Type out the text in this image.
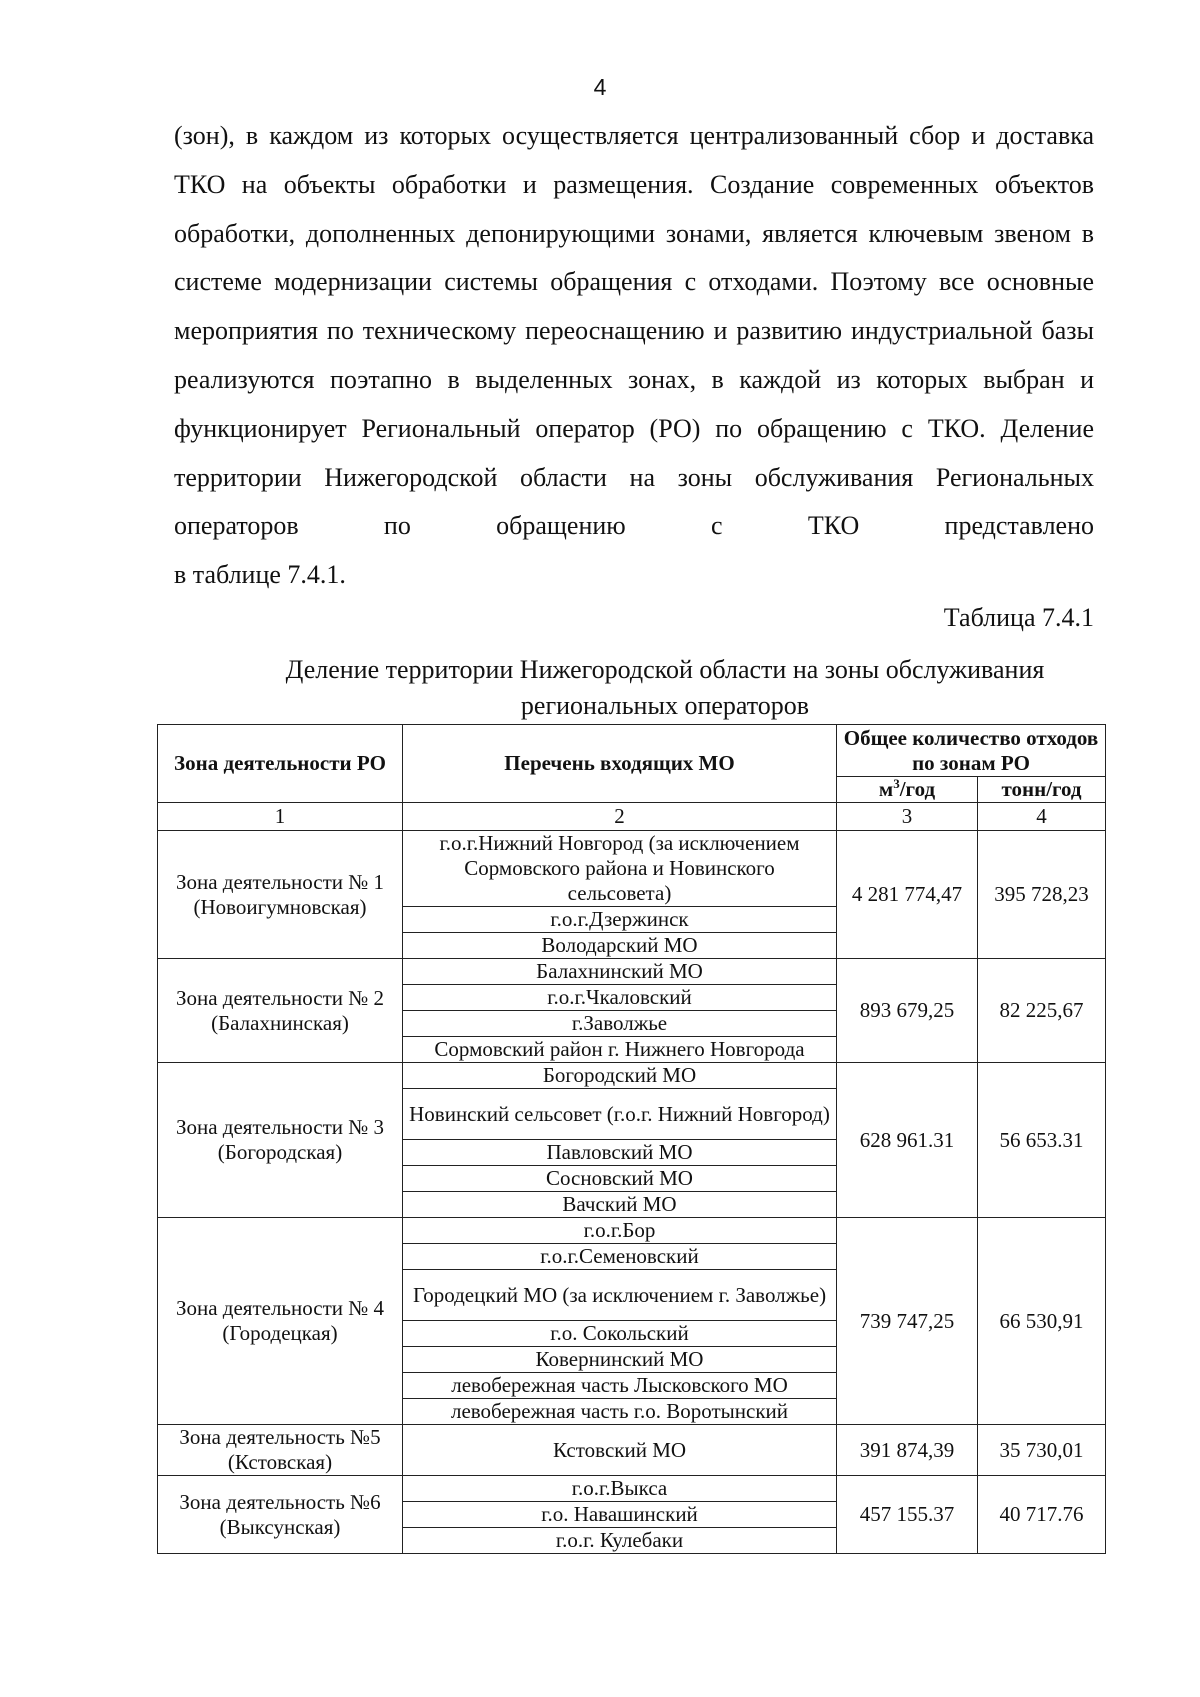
4

(зон), в каждом из которых осуществляется централизованный сбор и доставка ТКО на объекты обработки и размещения. Создание современных объектов обработки, дополненных депонирующими зонами, является ключевым звеном в системе модернизации системы обращения с отходами. Поэтому все основные мероприятия по техническому переоснащению и развитию индустриальной базы реализуются поэтапно в выделенных зонах, в каждой из которых выбран и функционирует Региональный оператор (РО) по обращению с ТКО. Деление территории Нижегородской области на зоны обслуживания Региональных операторов по обращению с ТКО представлено
в таблице 7.4.1.

Таблица 7.4.1
Деление территории Нижегородской области на зоны обслуживания
региональных операторов
Зона деятельности РО	Перечень входящих МО	Общее количество отходов по зонам РО	
		$м^3$/год	тонн/год
1	2	3	4

Зона деятельности № 1
(Новоигумновская)	г.о.г.Нижний Новгород (за исключением Сормовского района и Новинского сельсовета)	4 281 774,47	395 728,23
	г.о.г.Дзержинск		
	Володарский МО		

Зона деятельности № 2
(Балахнинская)	Балахнинский МО	893 679,25	82 225,67
	г.о.г.Чкаловский		
	г.Заволжье		
	Сормовский район г. Нижнего Новгорода		

Зона деятельности № 3
(Богородская)	Богородский МО	628 961.31	56 653.31
	Новинский сельсовет (г.о.г. Нижний Новгород)		
	Павловский МО		
	Сосновский МО		
	Вачский МО		

Зона деятельности № 4
(Городецкая)	г.о.г.Бор	739 747,25	66 530,91
	г.о.г.Семеновский		
	Городецкий МО (за исключением г. Заволжье)		
	г.о. Сокольский		
	Ковернинский МО		
	левобережная часть Лысковского МО		
	левобережная часть г.о. Воротынский		

Зона деятельность №5
(Кстовская)	Кстовский МО	391 874,39	35 730,01

Зона деятельность №6
(Выксунская)	г.о.г.Выкса	457 155.37	40 717.76
	г.о. Навашинский		
	г.о.г. Кулебаки		
